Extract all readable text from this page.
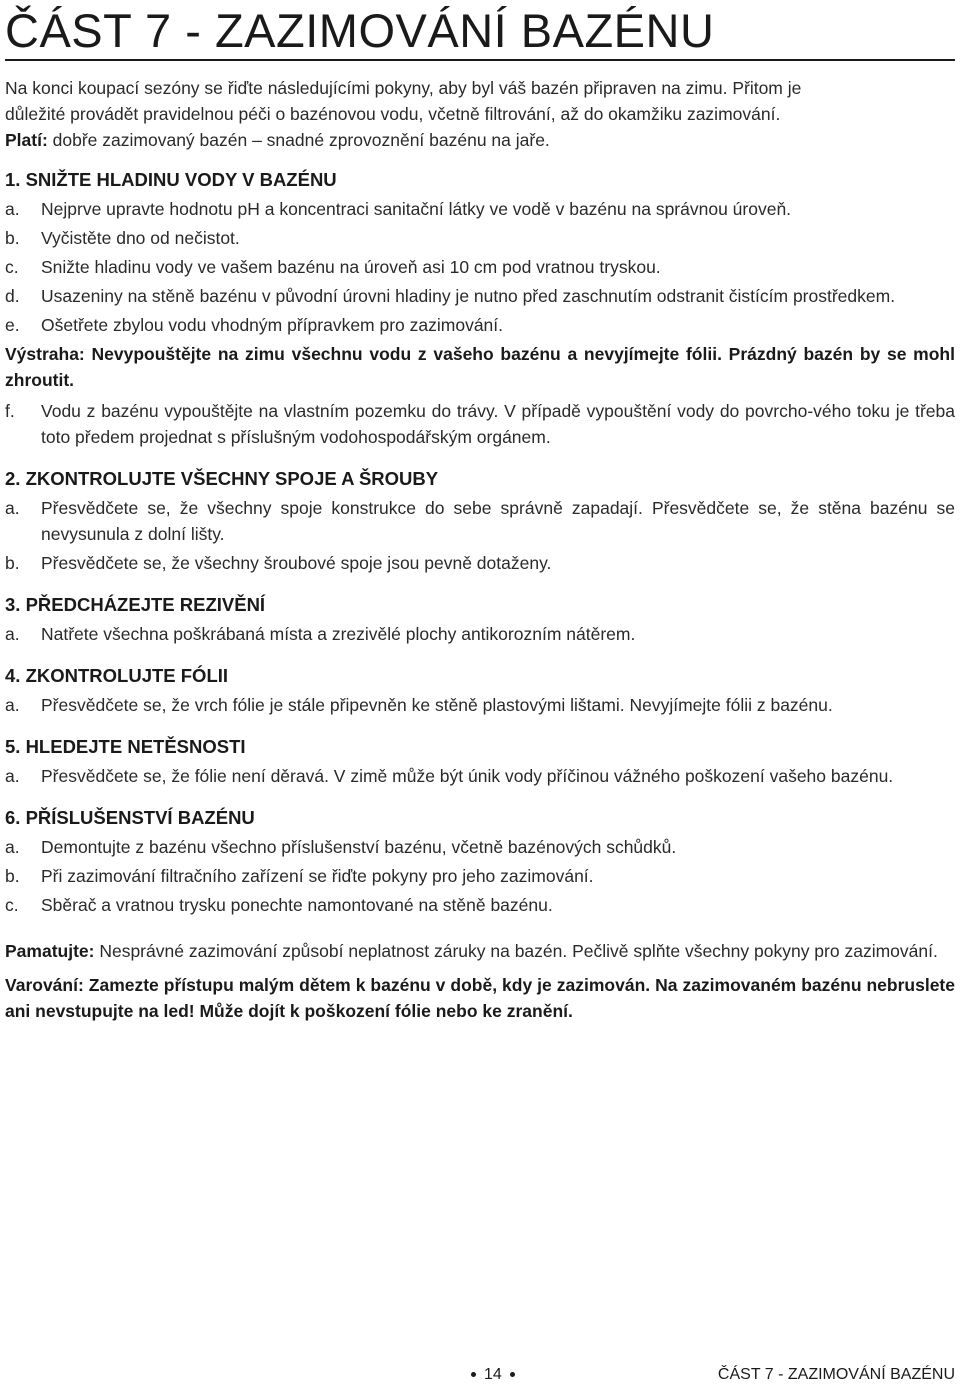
ČÁST 7 - ZAZIMOVÁNÍ BAZÉNU
Na konci koupací sezóny se řiďte následujícími pokyny, aby byl váš bazén připraven na zimu. Přitom je
důležité provádět pravidelnou péči o bazénovou vodu, včetně filtrování, až do okamžiku zazimování.
Platí: dobře zazimovaný bazén – snadné zprovoznění bazénu na jaře.
1. SNIŽTE HLADINU VODY V BAZÉNU
a.	Nejprve upravte hodnotu pH a koncentraci sanitační látky ve vodě v bazénu na správnou úroveň.
b.	Vyčistěte dno od nečistot.
c.	Snižte hladinu vody ve vašem bazénu na úroveň asi 10 cm pod vratnou tryskou.
d.	Usazeniny na stěně bazénu v původní úrovni hladiny je nutno před zaschnutím odstranit čistícím prostředkem.
e.	Ošetřete zbylou vodu vhodným přípravkem pro zazimování.

Výstraha: Nevypouštějte na zimu všechnu vodu z vašeho bazénu a nevyjímejte fólii. Prázdný bazén by se mohl zhroutit.

f.	Vodu z bazénu vypouštějte na vlastním pozemku do trávy. V případě vypouštění vody do povrcho-vého toku je třeba toto předem projednat s příslušným vodohospodářským orgánem.
2. ZKONTROLUJTE VŠECHNY SPOJE A ŠROUBY
a.	Přesvědčete se, že všechny spoje konstrukce do sebe správně zapadají. Přesvědčete se, že stěna bazénu se nevysunula z dolní lišty.
b.	Přesvědčete se, že všechny šroubové spoje jsou pevně dotaženy.
3. PŘEDCHÁZEJTE REZIVĚNÍ
a.	Natřete všechna poškrábaná místa a zrezivělé plochy antikorozním nátěrem.
4. ZKONTROLUJTE FÓLII
a.	Přesvědčete se, že vrch fólie je stále připevněn ke stěně plastovými lištami. Nevyjímejte fólii z bazénu.
5. HLEDEJTE NETĚSNOSTI
a.	Přesvědčete se, že fólie není děravá. V zimě může být únik vody příčinou vážného poškození vašeho bazénu.
6. PŘÍSLUŠENSTVÍ BAZÉNU
a.	Demontujte z bazénu všechno příslušenství bazénu, včetně bazénových schůdků.
b.	Při zazimování filtračního zařízení se řiďte pokyny pro jeho zazimování.
c.	Sběrač a vratnou trysku ponechte namontované na stěně bazénu.

Pamatujte: Nesprávné zazimování způsobí neplatnost záruky na bazén. Pečlivě splňte všechny pokyny pro zazimování.

Varování: Zamezte přístupu malým dětem k bazénu v době, kdy je zazimován. Na zazimovaném bazénu nebruslete ani nevstupujte na led! Může dojít k poškození fólie nebo ke zranění.

14	ČÁST 7 - ZAZIMOVÁNÍ BAZÉNU
